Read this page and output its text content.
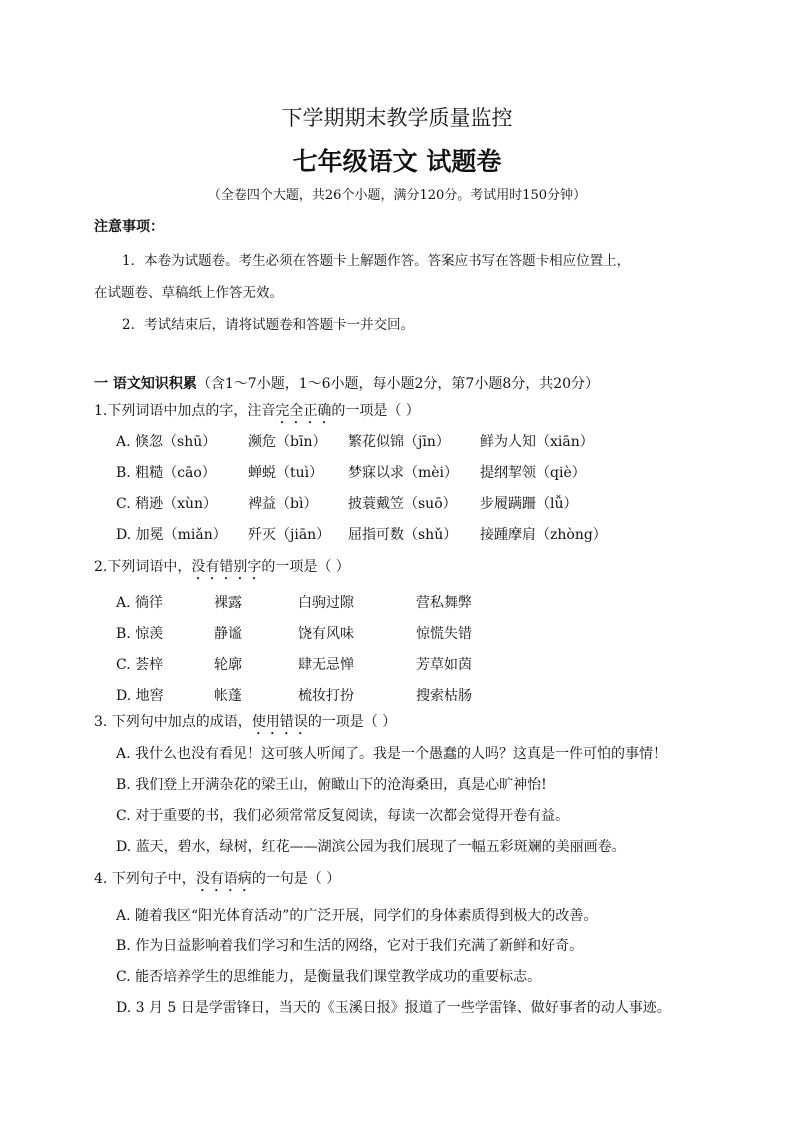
下学期期末教学质量监控
七年级语文 试题卷
（全卷四个大题，共26个小题，满分120分。考试用时150分钟）
注意事项：
1．本卷为试题卷。考生必须在答题卡上解题作答。答案应书写在答题卡相应位置上，
在试题卷、草稿纸上作答无效。
2．考试结束后，请将试题卷和答题卡一并交回。
一 语文知识积累（含1～7小题，1～6小题，每小题2分，第7小题8分，共20分）
1.下列词语中加点的字，注音完全正确的一项是（ ）
A. 倏忽（shū） 濒危（bīn） 繁花似锦（jīn） 鲜为人知（xiān）
B. 粗糙（cāo） 蝉蜕（tuì） 梦寐以求（mèi） 提纲挈领（qiè）
C. 稍逊（xùn） 裨益（bì） 披蓑戴笠（suō） 步履蹒跚（lǚ）
D. 加冕（miǎn） 歼灭（jiān） 屈指可数（shǔ） 接踵摩肩（zhòng）
2.下列词语中，没有错别字的一项是（ ）
A. 徜徉	裸露	白驹过隙	营私舞弊
B. 惊羡	静谧	饶有风味	惊慌失错
C. 荟梓	轮廓	肆无忌惮	芳草如茵
D. 地窖	帐蓬	梳妆打扮	搜索枯肠
3. 下列句中加点的成语，使用错误的一项是（ ）
A. 我什么也没有看见！这可骇人听闻了。我是一个愚蠢的人吗？这真是一件可怕的事情！
B. 我们登上开满杂花的梁王山，俯瞰山下的沧海桑田，真是心旷神怡!
C. 对于重要的书，我们必须常常反复阅读，每读一次都会觉得开卷有益。
D. 蓝天，碧水，绿树，红花——湖滨公园为我们展现了一幅五彩斑斓的美丽画卷。
4. 下列句子中，没有语病的一句是（ ）
A. 随着我区“阳光体育活动”的广泛开展，同学们的身体素质得到极大的改善。
B. 作为日益影响着我们学习和生活的网络，它对于我们充满了新鲜和好奇。
C. 能否培养学生的思维能力，是衡量我们课堂教学成功的重要标志。
D. 3 月 5 日是学雷锋日，当天的《玉溪日报》报道了一些学雷锋、做好事者的动人事迹。
